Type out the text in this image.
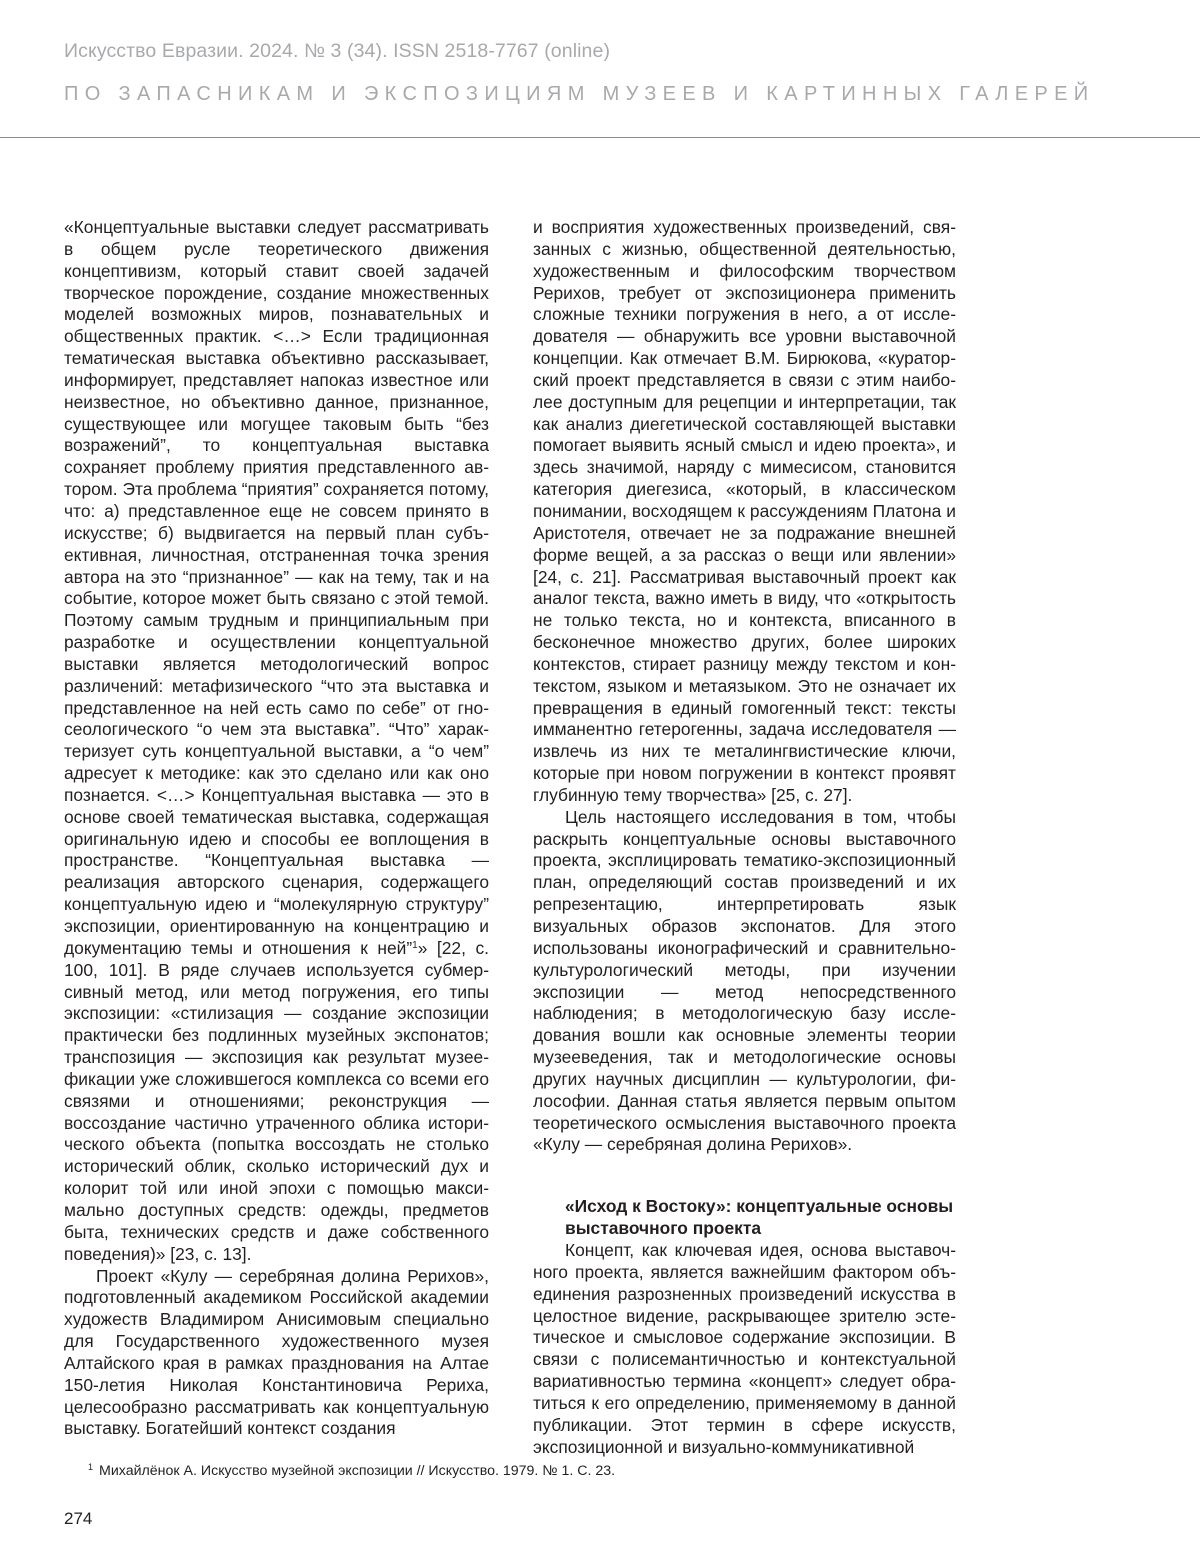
Искусство Евразии. 2024. № 3 (34). ISSN 2518-7767 (online)
ПО ЗАПАСНИКАМ И ЭКСПОЗИЦИЯМ МУЗЕЕВ И КАРТИННЫХ ГАЛЕРЕЙ

«Концептуальные выставки следует рассматривать в общем русле теоретического движения концептивизм, который ставит своей задачей творческое порождение, создание множественных моделей возможных миров, познавательных и общественных практик. <…> Если традиционная тематическая выставка объективно рассказывает, информирует, представляет напоказ известное или неизвестное, но объективно данное, признанное, существующее или могущее таковым быть “без возражений”, то концептуальная выставка сохраняет проблему приятия представленного автором. Эта проблема “приятия” сохраняется потому, что: а) представленное еще не совсем принято в искусстве; б) выдвигается на первый план субъективная, личностная, отстраненная точка зрения автора на это “признанное” — как на тему, так и на событие, которое может быть связано с этой темой. Поэтому самым трудным и принципиальным при разработке и осуществлении концептуальной выставки является методологический вопрос различений: метафизического “что эта выставка и представленное на ней есть само по себе” от гносеологического “о чем эта выставка”. “Что” характеризует суть концептуальной выставки, а “о чем” адресует к методике: как это сделано или как оно познается. <…> Концептуальная выставка — это в основе своей тематическая выставка, содержащая оригинальную идею и способы ее воплощения в пространстве. “Концептуальная выставка — реализация авторского сценария, содержащего концептуальную идею и “молекулярную структуру” экспозиции, ориентированную на концентрацию и документацию темы и отношения к ней”$^1$» [22, с. 100, 101]. В ряде случаев используется субмерсивный метод, или метод погружения, его типы экспозиции: «стилизация — создание экспозиции практически без подлинных музейных экспонатов; транспозиция — экспозиция как результат музеефикации уже сложившегося комплекса со всеми его связями и отношениями; реконструкция — воссоздание частично утраченного облика исторического объекта (попытка воссоздать не столько исторический облик, сколько исторический дух и колорит той или иной эпохи с помощью максимально доступных средств: одежды, предметов быта, технических средств и даже собственного поведения)» [23, с. 13].

Проект «Кулу — серебряная долина Рерихов», подготовленный академиком Российской академии художеств Владимиром Анисимовым специально для Государственного художественного музея Алтайского края в рамках празднования на Алтае 150-летия Николая Константиновича Рериха, целесообразно рассматривать как концептуальную выставку. Богатейший контекст создания

и восприятия художественных произведений, связанных с жизнью, общественной деятельностью, художественным и философским творчеством Рерихов, требует от экспозиционера применить сложные техники погружения в него, а от исследователя — обнаружить все уровни выставочной концепции. Как отмечает В.М. Бирюкова, «кураторский проект представляется в связи с этим наиболее доступным для рецепции и интерпретации, так как анализ диегетической составляющей выставки помогает выявить ясный смысл и идею проекта», и здесь значимой, наряду с мимесисом, становится категория диегезиса, «который, в классическом понимании, восходящем к рассуждениям Платона и Аристотеля, отвечает не за подражание внешней форме вещей, а за рассказ о вещи или явлении» [24, с. 21]. Рассматривая выставочный проект как аналог текста, важно иметь в виду, что «открытость не только текста, но и контекста, вписанного в бесконечное множество других, более широких контекстов, стирает разницу между текстом и контекстом, языком и метаязыком. Это не означает их превращения в единый гомогенный текст: тексты имманентно гетерогенны, задача исследователя — извлечь из них те металингвистические ключи, которые при новом погружении в контекст проявят глубинную тему творчества» [25, с. 27].

Цель настоящего исследования в том, чтобы раскрыть концептуальные основы выставочного проекта, эксплицировать тематико-экспозиционный план, определяющий состав произведений и их репрезентацию, интерпретировать язык визуальных образов экспонатов. Для этого использованы иконографический и сравнительно-культурологический методы, при изучении экспозиции — метод непосредственного наблюдения; в методологическую базу исследования вошли как основные элементы теории музееведения, так и методологические основы других научных дисциплин — культурологии, философии. Данная статья является первым опытом теоретического осмысления выставочного проекта «Кулу — серебряная долина Рерихов».

«Исход к Востоку»: концептуальные основы выставочного проекта

Концепт, как ключевая идея, основа выставочного проекта, является важнейшим фактором объединения разрозненных произведений искусства в целостное видение, раскрывающее зрителю эстетическое и смысловое содержание экспозиции. В связи с полисемантичностью и контекстуальной вариативностью термина «концепт» следует обратиться к его определению, применяемому в данной публикации. Этот термин в сфере искусств, экспозиционной и визуально-коммуникативной

$^1$ Михайлёнок А. Искусство музейной экспозиции // Искусство. 1979. № 1. С. 23.
274
